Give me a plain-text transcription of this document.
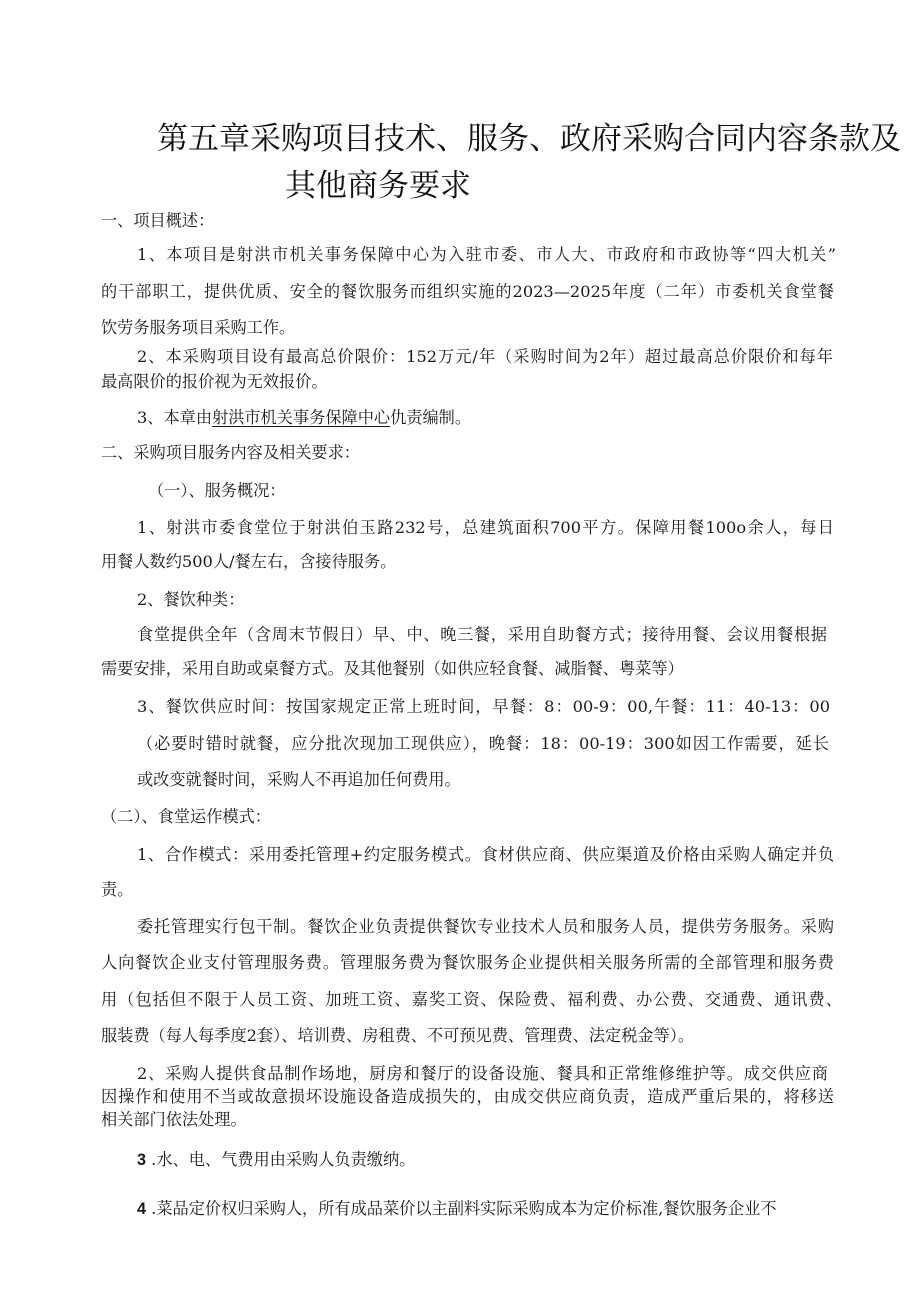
第五章采购项目技术、服务、政府采购合同内容条款及
其他商务要求

一、项目概述：

1、本项目是射洪市机关事务保障中心为入驻市委、市人大、市政府和市政协等“四大机关”

的干部职工，提供优质、安全的餐饮服务而组织实施的2023—2025年度（二年）市委机关食堂餐

饮劳务服务项目采购工作。

2、本采购项目设有最高总价限价：152万元/年（采购时间为2年）超过最高总价限价和每年

最高限价的报价视为无效报价。

3、本章由射洪市机关事务保障中心仇责编制。

二、采购项目服务内容及相关要求：

（一）、服务概况：

1、射洪市委食堂位于射洪伯玉路232号，总建筑面积700平方。保障用餐100o余人，每日

用餐人数约500人/餐左右，含接待服务。

2、餐饮种类：

食堂提供全年（含周末节假日）早、中、晚三餐，采用自助餐方式；接待用餐、会议用餐根据

需要安排，采用自助或桌餐方式。及其他餐别（如供应轻食餐、减脂餐、粤菜等）

3、餐饮供应时间：按国家规定正常上班时间，早餐：8：00-9：00,午餐：11：40-13：00

（必要时错时就餐，应分批次现加工现供应），晚餐：18：00-19：300如因工作需要，延长

或改变就餐时间，采购人不再追加任何费用。

（二）、食堂运作模式：

1、合作模式：采用委托管理+约定服务模式。食材供应商、供应渠道及价格由采购人确定并负

责。

委托管理实行包干制。餐饮企业负责提供餐饮专业技术人员和服务人员，提供劳务服务。采购

人向餐饮企业支付管理服务费。管理服务费为餐饮服务企业提供相关服务所需的全部管理和服务费

用（包括但不限于人员工资、加班工资、嘉奖工资、保险费、福利费、办公费、交通费、通讯费、

服装费（每人每季度2套）、培训费、房租费、不可预见费、管理费、法定税金等）。

2、采购人提供食品制作场地，厨房和餐厅的设备设施、餐具和正常维修维护等。成交供应商

因操作和使用不当或故意损坏设施设备造成损失的，由成交供应商负责，造成严重后果的，将移送

相关部门依法处理。

3 .水、电、气费用由采购人负责缴纳。

4 .菜品定价权归采购人，所有成品菜价以主副料实际采购成本为定价标准,餐饮服务企业不
